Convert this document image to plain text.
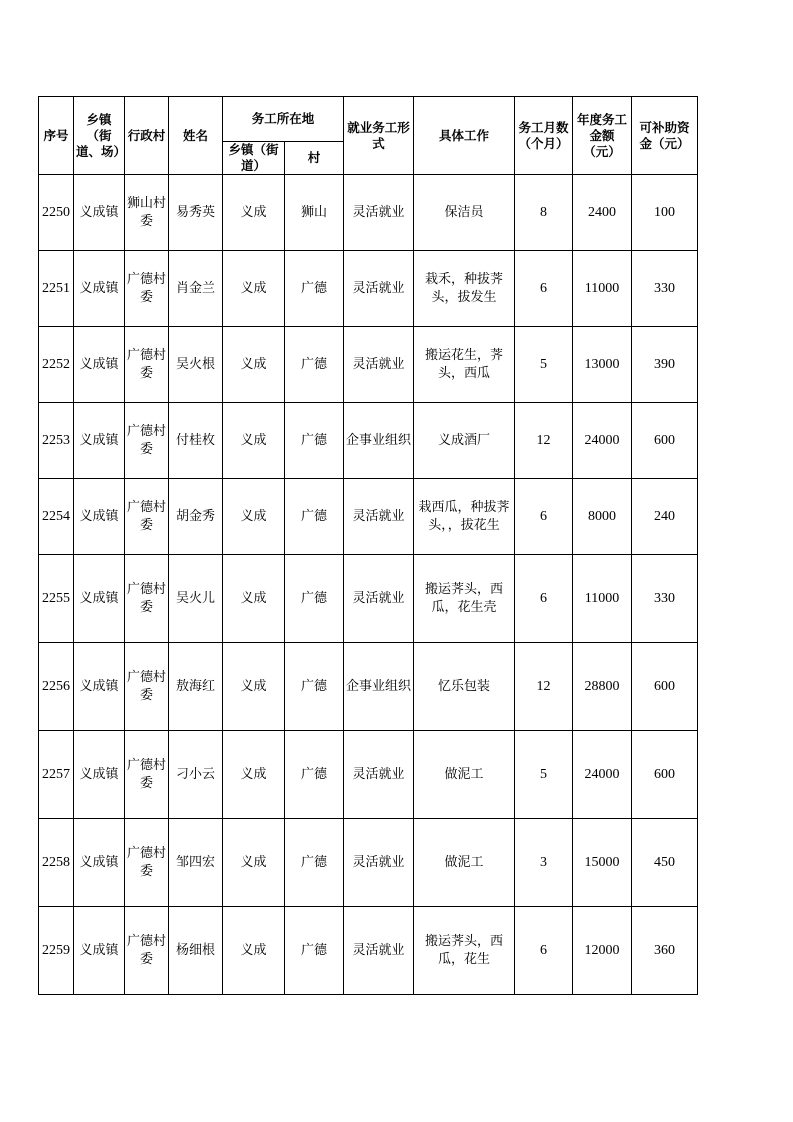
序号	乡镇（街道、场）	行政村	姓名	务工所在地		就业务工形式	具体工作	务工月数（个月）	年度务工金额（元）	可补助资金（元）
				乡镇（街道）	村					
2250	义成镇	狮山村委	易秀英	义成	狮山	灵活就业	保洁员	8	2400	100
2251	义成镇	广德村委	肖金兰	义成	广德	灵活就业	栽禾，种拔荠头，拔发生	6	11000	330
2252	义成镇	广德村委	吴火根	义成	广德	灵活就业	搬运花生，荠头，西瓜	5	13000	390
2253	义成镇	广德村委	付桂枚	义成	广德	企事业组织	义成酒厂	12	24000	600
2254	义成镇	广德村委	胡金秀	义成	广德	灵活就业	栽西瓜，种拔荠头，，拔花生	6	8000	240
2255	义成镇	广德村委	吴火儿	义成	广德	灵活就业	搬运荠头，西瓜，花生壳	6	11000	330
2256	义成镇	广德村委	敖海红	义成	广德	企事业组织	忆乐包装	12	28800	600
2257	义成镇	广德村委	刁小云	义成	广德	灵活就业	做泥工	5	24000	600
2258	义成镇	广德村委	邹四宏	义成	广德	灵活就业	做泥工	3	15000	450
2259	义成镇	广德村委	杨细根	义成	广德	灵活就业	搬运荠头，西瓜，花生	6	12000	360
